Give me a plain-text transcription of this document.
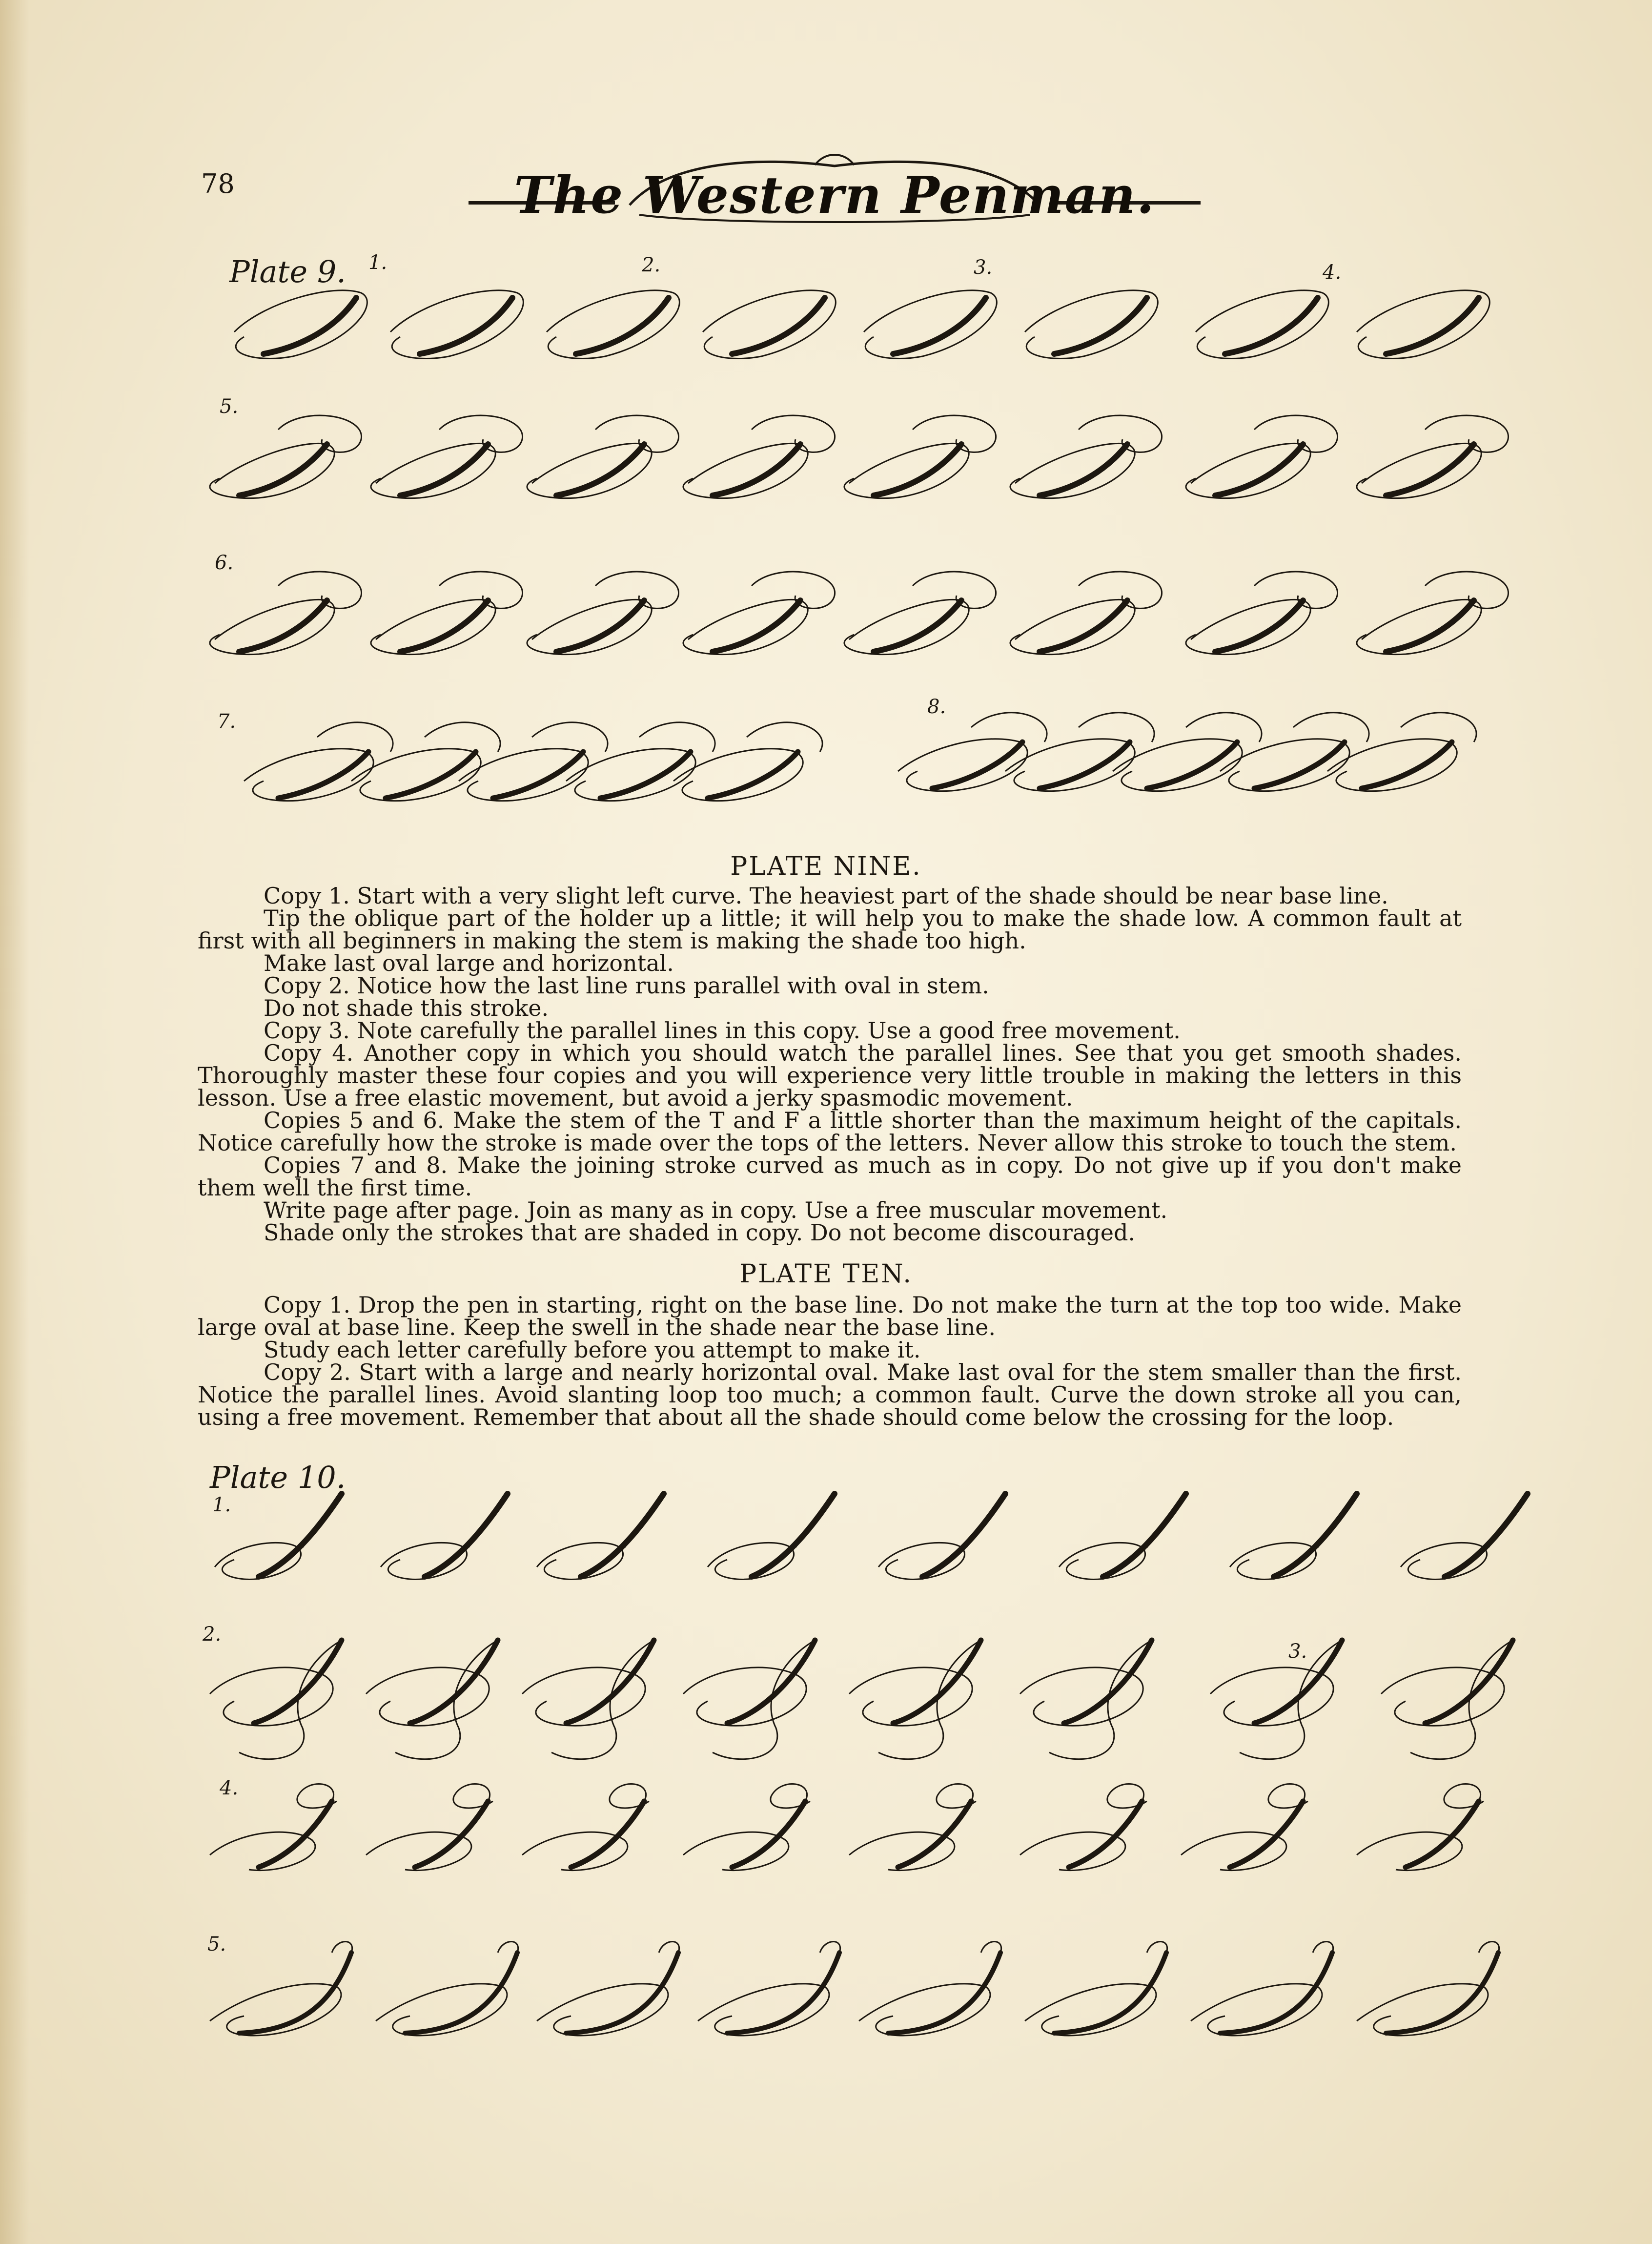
78	The Western Penman.
Plate 9. 1.	2.	3.	4.
5.
6.
7.
8.
PLATE NINE.

Copy 1. Start with a very slight left curve. The heaviest part of the shade should be near base line.

Tip the oblique part of the holder up a little; it will help you to make the shade low. A common fault at first with all beginners in making the stem is making the shade too high.

Make last oval large and horizontal.

Copy 2. Notice how the last line runs parallel with oval in stem.

Do not shade this stroke.

Copy 3. Note carefully the parallel lines in this copy. Use a good free movement.

Copy 4. Another copy in which you should watch the parallel lines. See that you get smooth shades. Thoroughly master these four copies and you will experience very little trouble in making the letters in this lesson. Use a free elastic movement, but avoid a jerky spasmodic movement.

Copies 5 and 6. Make the stem of the T and F a little shorter than the maximum height of the capitals. Notice carefully how the stroke is made over the tops of the letters. Never allow this stroke to touch the stem.

Copies 7 and 8. Make the joining stroke curved as much as in copy. Do not give up if you don't make them well the first time.

Write page after page. Join as many as in copy. Use a free muscular movement.

Shade only the strokes that are shaded in copy. Do not become discouraged.

PLATE TEN.

Copy 1. Drop the pen in starting, right on the base line. Do not make the turn at the top too wide. Make large oval at base line. Keep the swell in the shade near the base line.

Study each letter carefully before you attempt to make it.

Copy 2. Start with a large and nearly horizontal oval. Make last oval for the stem smaller than the first. Notice the parallel lines. Avoid slanting loop too much; a common fault. Curve the down stroke all you can, using a free movement. Remember that about all the shade should come below the crossing for the loop.

Plate 10.
1.
2.
3.
4.
5.
